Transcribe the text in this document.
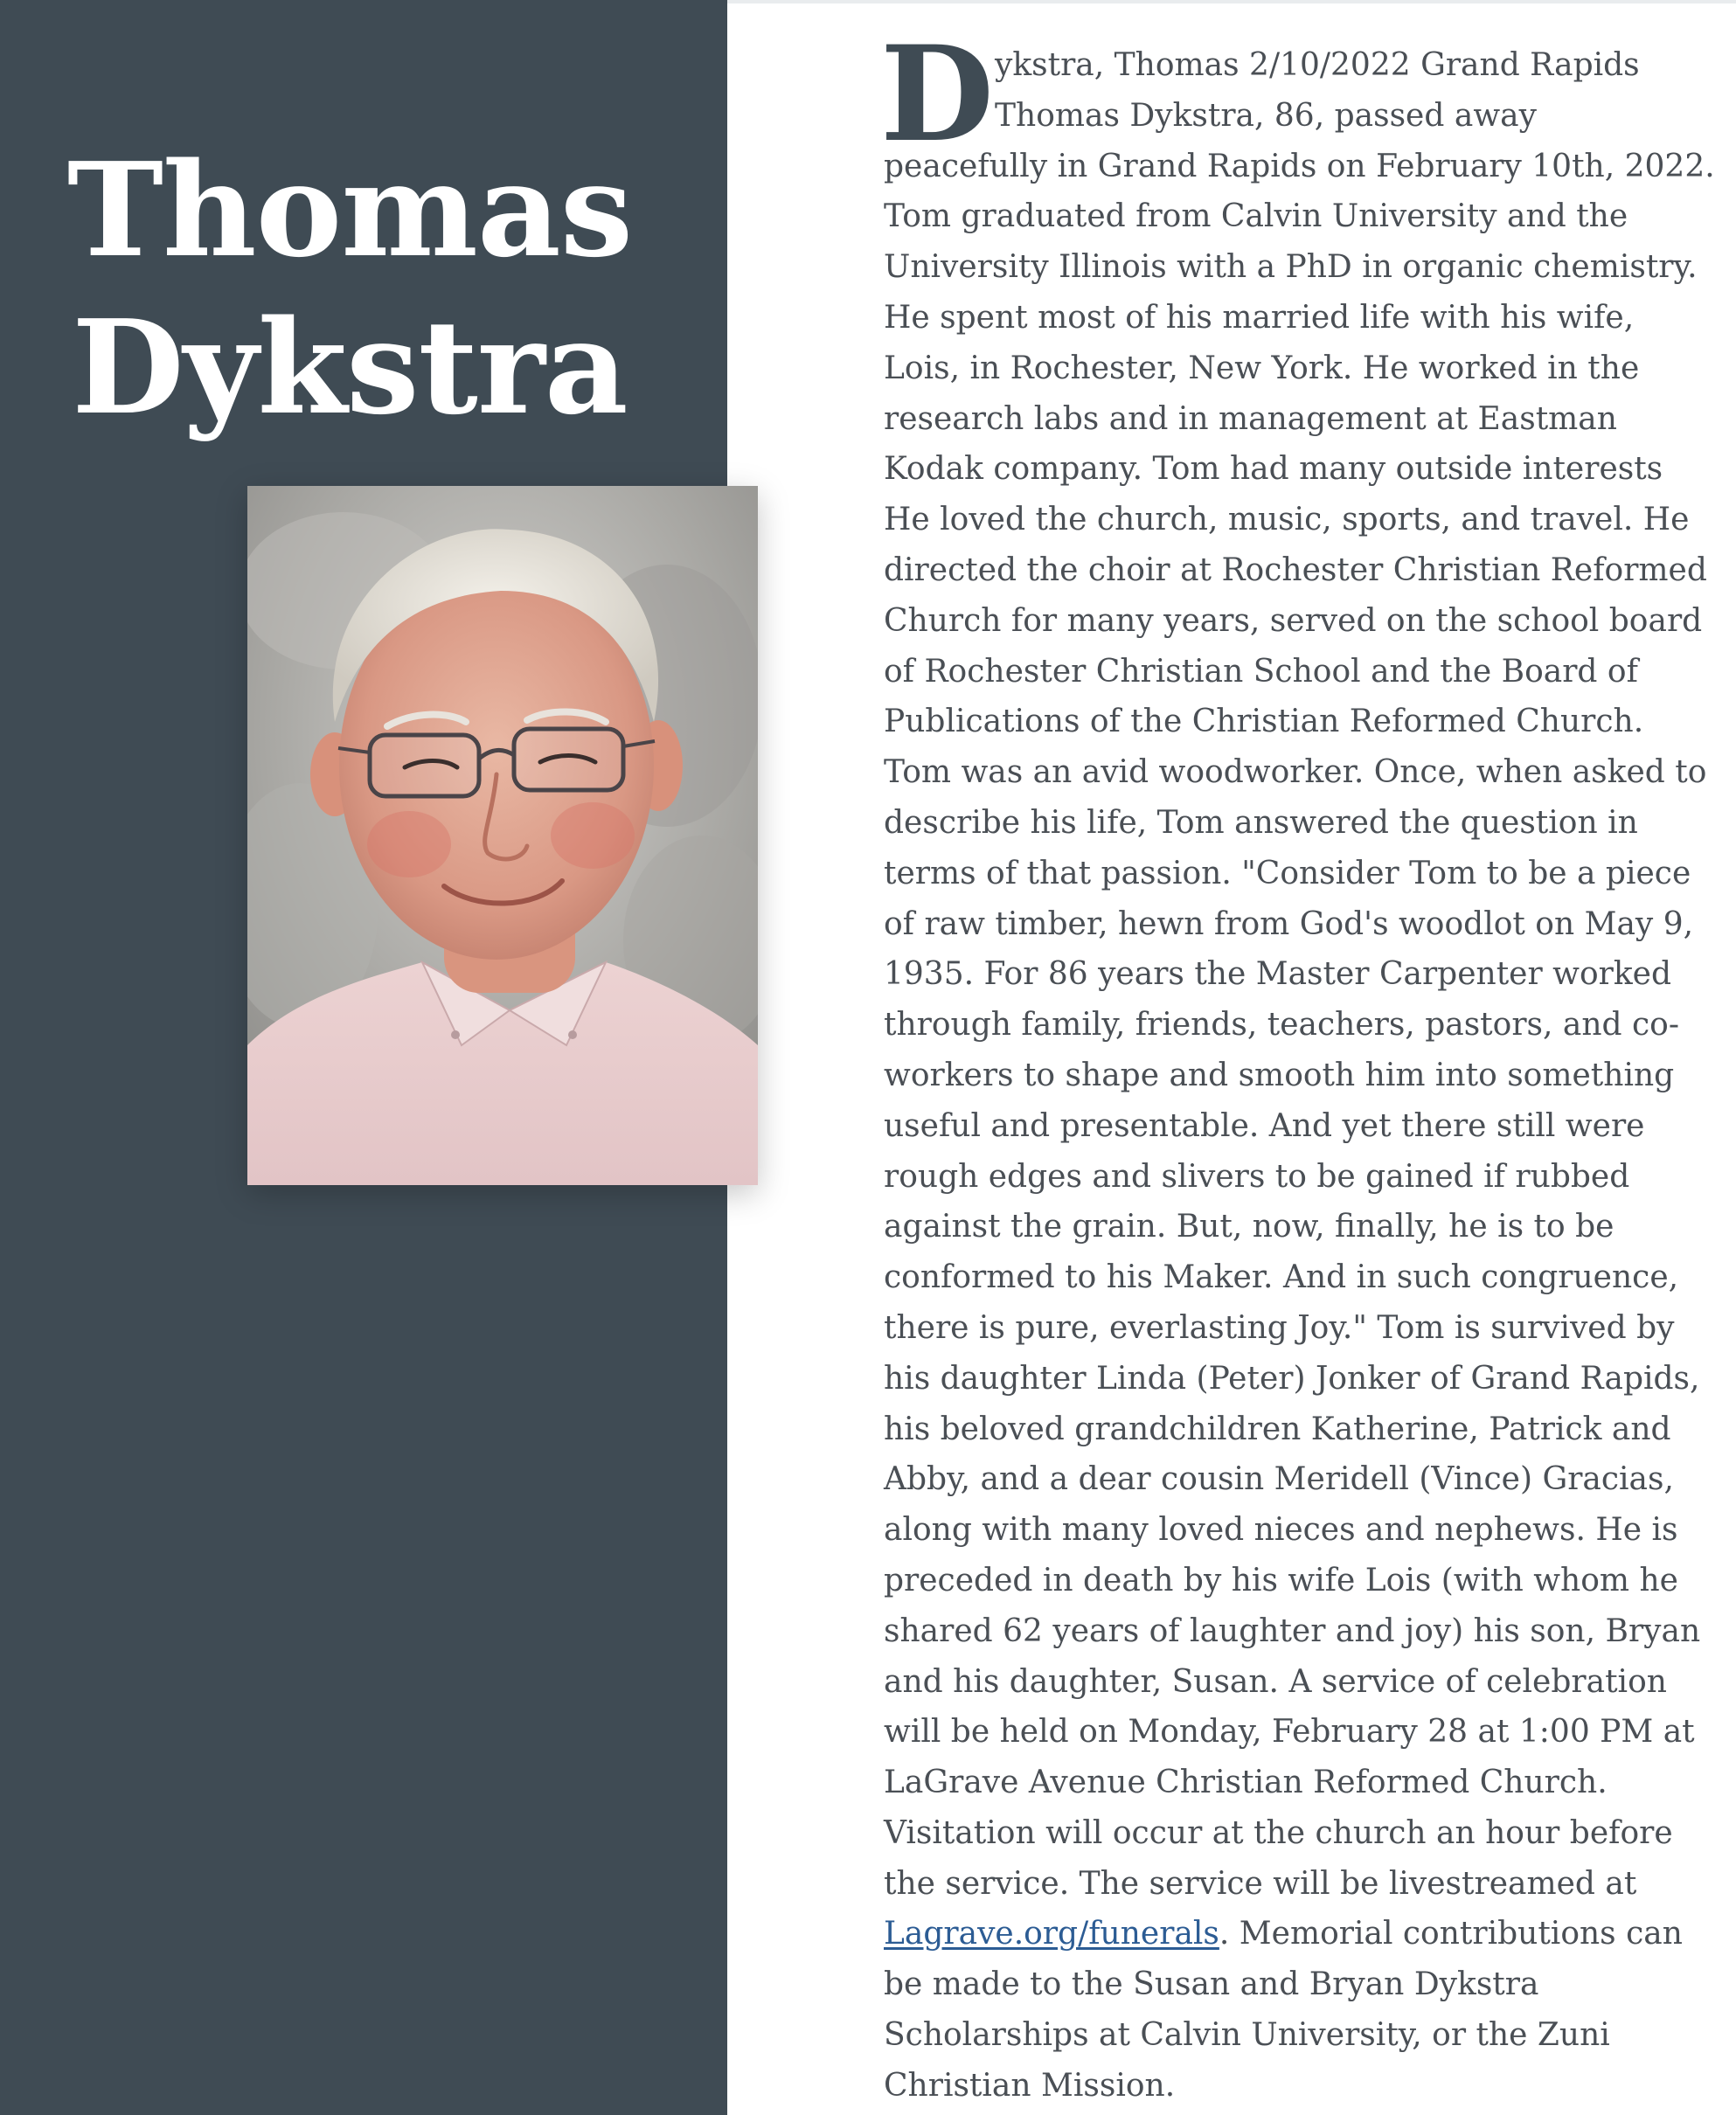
Thomas
Dykstra
D ykstra, Thomas 2/10/2022 Grand Rapids
Thomas Dykstra, 86, passed away
peacefully in Grand Rapids on February 10th, 2022.
Tom graduated from Calvin University and the
University Illinois with a PhD in organic chemistry.
He spent most of his married life with his wife,
Lois, in Rochester, New York. He worked in the
research labs and in management at Eastman
Kodak company. Tom had many outside interests
He loved the church, music, sports, and travel. He
directed the choir at Rochester Christian Reformed
Church for many years, served on the school board
of Rochester Christian School and the Board of
Publications of the Christian Reformed Church.
Tom was an avid woodworker. Once, when asked to
describe his life, Tom answered the question in
terms of that passion. "Consider Tom to be a piece
of raw timber, hewn from God's woodlot on May 9,
1935. For 86 years the Master Carpenter worked
through family, friends, teachers, pastors, and co-
workers to shape and smooth him into something
useful and presentable. And yet there still were
rough edges and slivers to be gained if rubbed
against the grain. But, now, finally, he is to be
conformed to his Maker. And in such congruence,
there is pure, everlasting Joy." Tom is survived by
his daughter Linda (Peter) Jonker of Grand Rapids,
his beloved grandchildren Katherine, Patrick and
Abby, and a dear cousin Meridell (Vince) Gracias,
along with many loved nieces and nephews. He is
preceded in death by his wife Lois (with whom he
shared 62 years of laughter and joy) his son, Bryan
and his daughter, Susan. A service of celebration
will be held on Monday, February 28 at 1:00 PM at
LaGrave Avenue Christian Reformed Church.
Visitation will occur at the church an hour before
the service. The service will be livestreamed at
Lagrave.org/funerals. Memorial contributions can
be made to the Susan and Bryan Dykstra
Scholarships at Calvin University, or the Zuni
Christian Mission.
